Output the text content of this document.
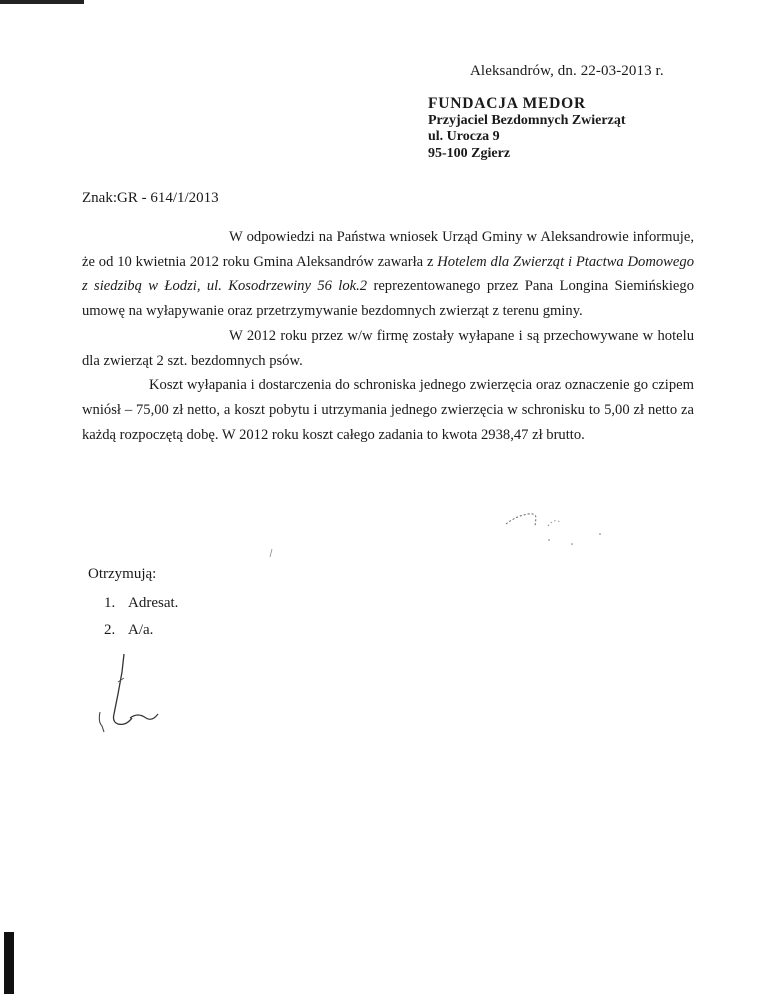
Aleksandrów, dn. 22-03-2013 r.
FUNDACJA MEDOR
Przyjaciel Bezdomnych Zwierząt
ul. Urocza 9
95-100 Zgierz
Znak:GR - 614/1/2013

W odpowiedzi na Państwa wniosek Urząd Gminy w Aleksandrowie informuje, że od 10 kwietnia 2012 roku Gmina Aleksandrów zawarła z Hotelem dla Zwierząt i Ptactwa Domowego z siedzibą w Łodzi, ul. Kosodrzewiny 56 lok.2 reprezentowanego przez Pana Longina Siemińskiego umowę na wyłapywanie oraz przetrzymywanie bezdomnych zwierząt z terenu gminy.

W 2012 roku przez w/w firmę zostały wyłapane i są przechowywane w hotelu dla zwierząt 2 szt. bezdomnych psów.

Koszt wyłapania i dostarczenia do schroniska jednego zwierzęcia oraz oznaczenie go czipem wniósł – 75,00 zł netto, a koszt pobytu i utrzymania jednego zwierzęcia w schronisku to 5,00 zł netto za każdą rozpoczętą dobę. W 2012 roku koszt całego zadania to kwota 2938,47 zł brutto.

Otrzymują:
1. Adresat.
2. A/a.
